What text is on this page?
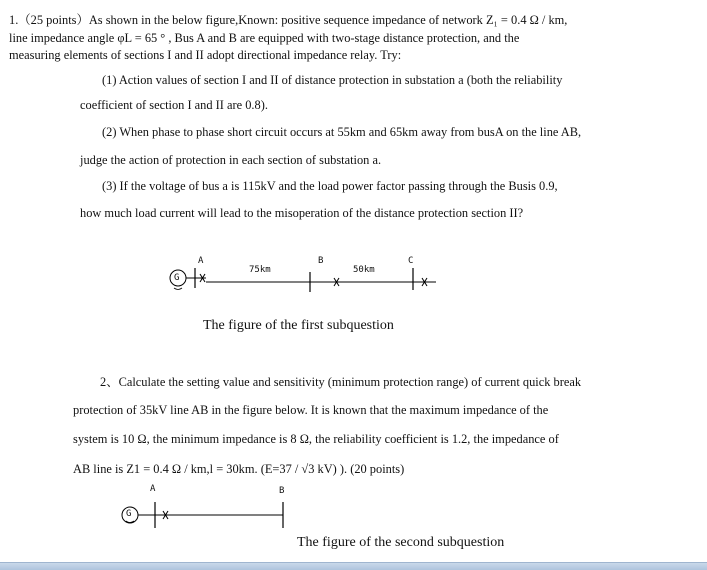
1.（25 points）As shown in the below figure,Known: positive sequence impedance of network Z₁ = 0.4 Ω / km,
line impedance angle φL = 65 ° , Bus A and B are equipped with two-stage distance protection, and the
measuring elements of sections I and II adopt directional impedance relay. Try:
(1) Action values of section I and II of distance protection in substation a (both the reliability
coefficient of section I and II are 0.8).
(2) When phase to phase short circuit occurs at 55km and 65km away from busA on the line AB,
judge the action of protection in each section of substation a.
(3) If the voltage of bus a is 115kV and the load power factor passing through the Busis 0.9,
how much load current will lead to the misoperation of the distance protection section II?
G
A
75km
B
50km
C
The figure of the first subquestion
2、Calculate the setting value and sensitivity (minimum protection range) of current quick break
protection of 35kV line AB in the figure below. It is known that the maximum impedance of the
system is 10 Ω, the minimum impedance is 8 Ω, the reliability coefficient is 1.2, the impedance of
AB line is Z1 = 0.4 Ω / km,l = 30km. (E=37 / √3 kV) ). (20 points)
G
A	B
The figure of the second subquestion
